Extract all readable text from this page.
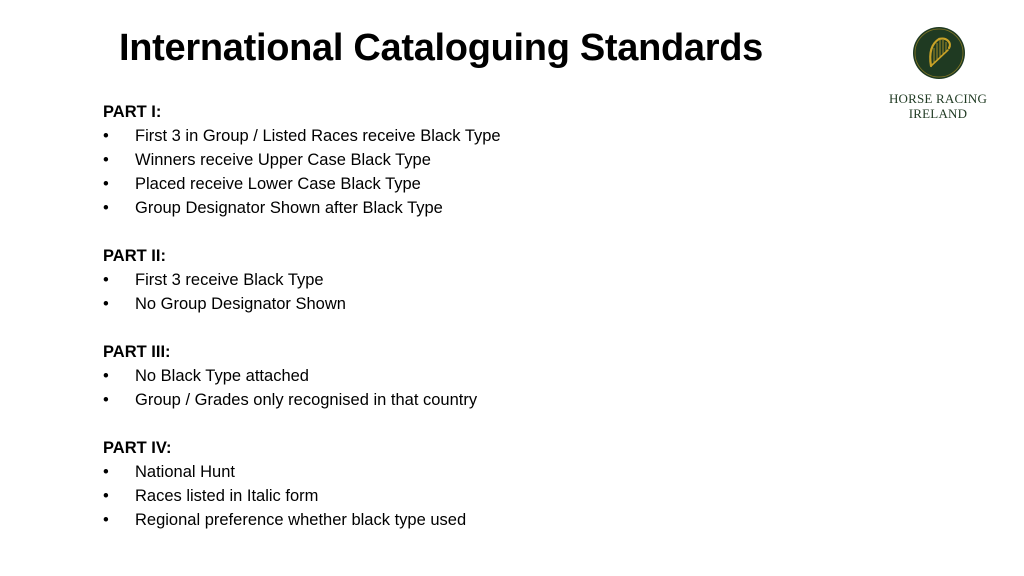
International Cataloguing Standards
HORSE RACING
IRELAND
PART I:
• First 3 in Group / Listed Races receive Black Type
• Winners receive Upper Case Black Type
• Placed receive Lower Case Black Type
• Group Designator Shown after Black Type
PART II:
• First 3 receive Black Type
• No Group Designator Shown
PART III:
• No Black Type attached
• Group / Grades only recognised in that country
PART IV:
• National Hunt
• Races listed in Italic form
• Regional preference whether black type used
